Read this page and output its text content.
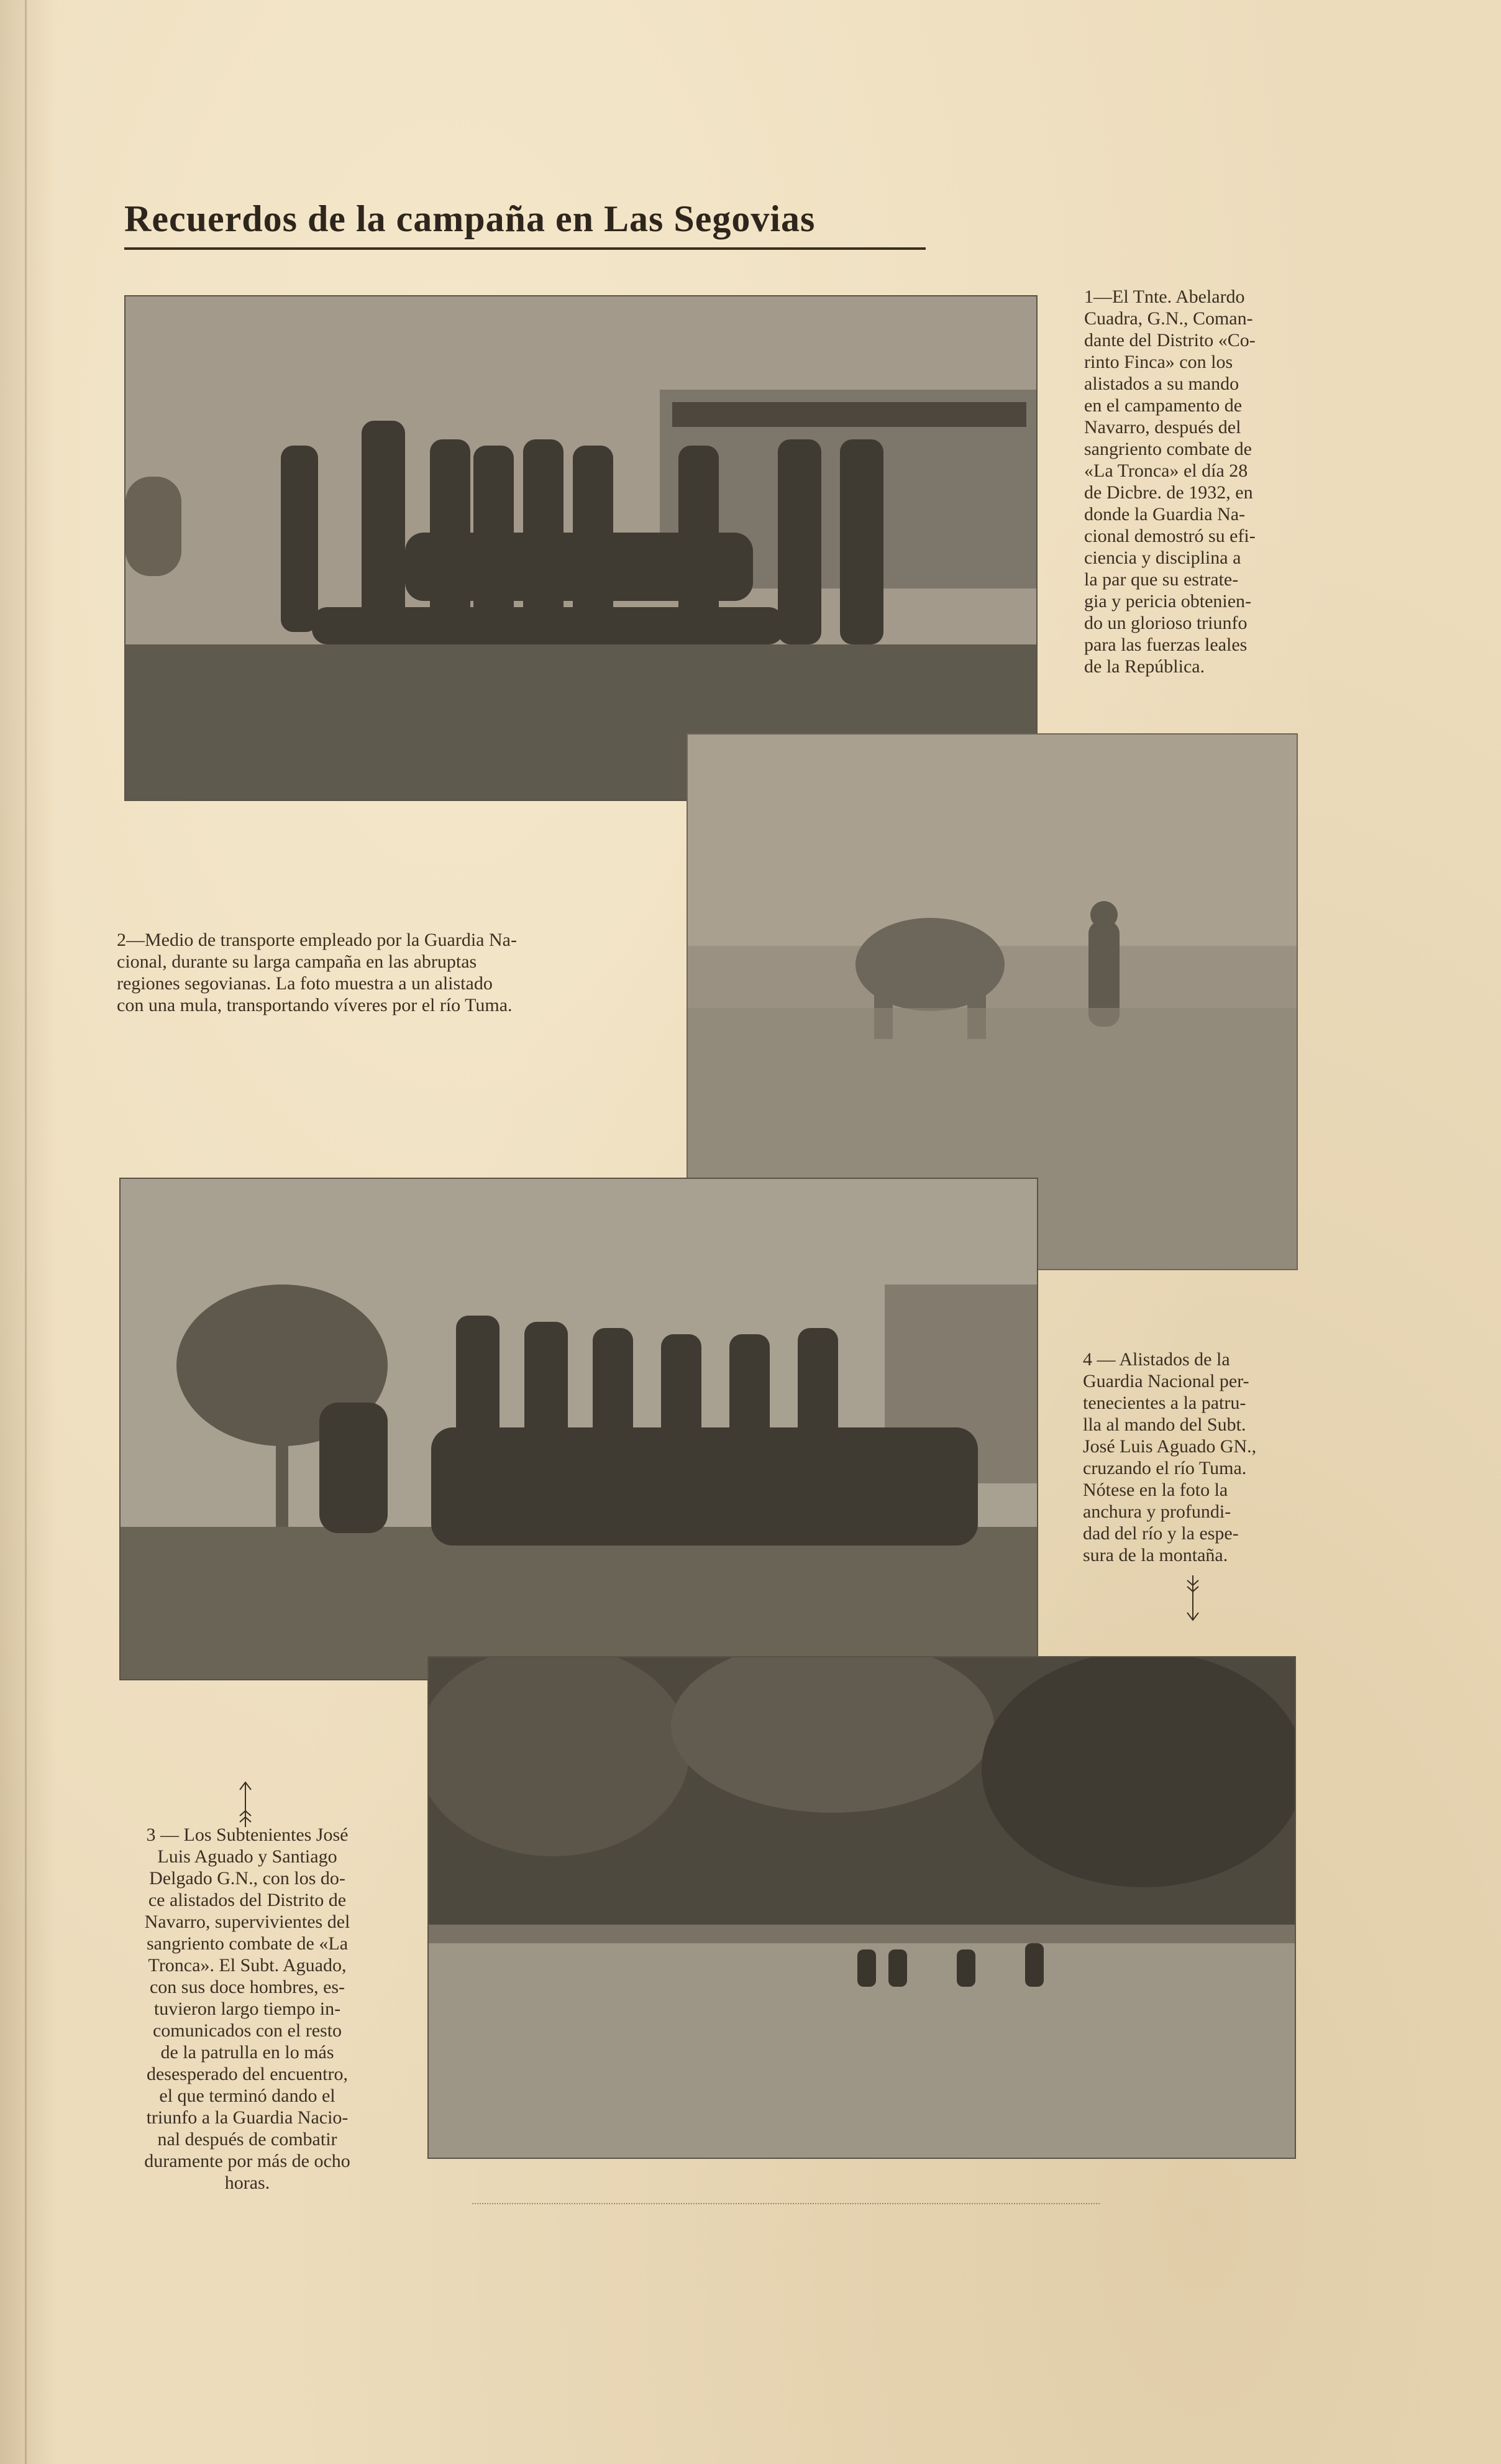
Recuerdos de la campaña en Las Segovias

1—El Tnte. Abelardo

Cuadra, G.N., Coman-

dante del Distrito «Co-

rinto Finca» con los

alistados a su mando

en el campamento de

Navarro, después del

sangriento combate de

«La Tronca» el día 28

de Dicbre. de 1932, en

donde la Guardia Na-

cional demostró su efi-

ciencia y disciplina a

la par que su estrate-

gia y pericia obtenien-

do un glorioso triunfo

para las fuerzas leales

de la República.

2—Medio de transporte empleado por la Guardia Na-

cional, durante su larga campaña en las abruptas

regiones segovianas. La foto muestra a un alistado

con una mula, transportando víveres por el río Tuma.

4 — Alistados de la

Guardia Nacional per-

tenecientes a la patru-

lla al mando del Subt.

José Luis Aguado GN.,

cruzando el río Tuma.

Nótese en la foto la

anchura y profundi-

dad del río y la espe-

sura de la montaña.

3 — Los Subtenientes José

Luis Aguado y Santiago

Delgado G.N., con los do-

ce alistados del Distrito de

Navarro, supervivientes del

sangriento combate de «La

Tronca». El Subt. Aguado,

con sus doce hombres, es-

tuvieron largo tiempo in-

comunicados con el resto

de la patrulla en lo más

desesperado del encuentro,

el que terminó dando el

triunfo a la Guardia Nacio-

nal después de combatir

duramente por más de ocho

horas.
